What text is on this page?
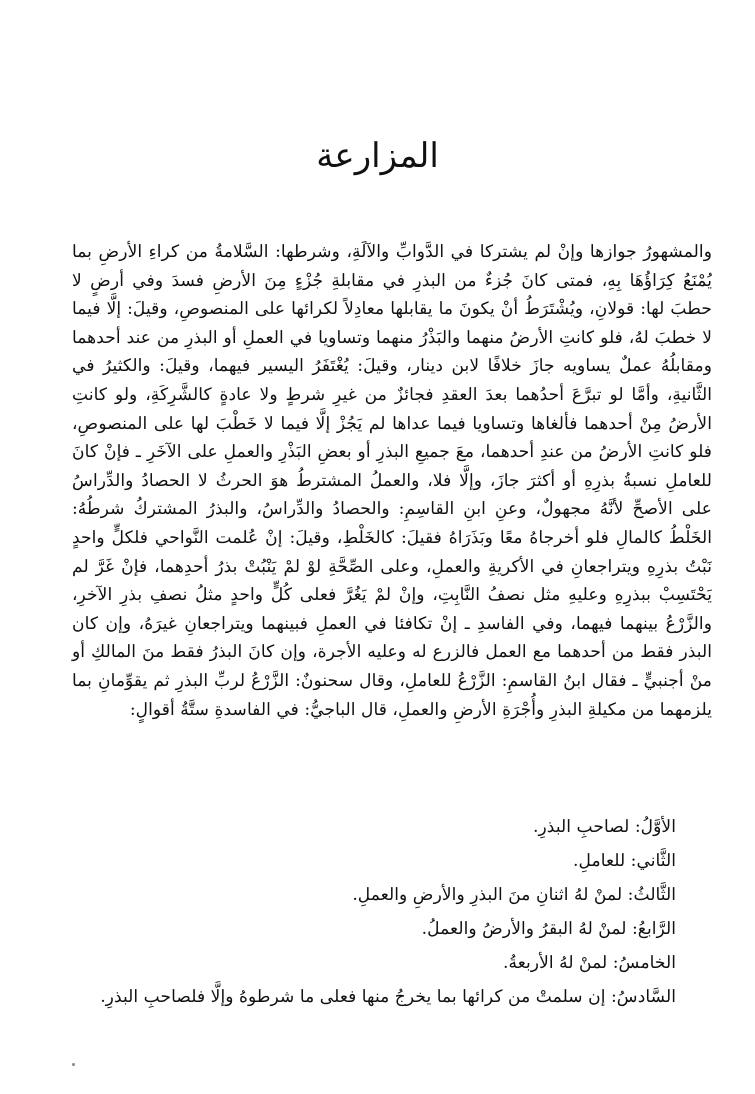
المزارعة

والمشهورُ جوازها وإنْ لم يشتركا في الدَّوابِّ والآلَةِ، وشرطها: السَّلامةُ من كراءِ الأرضِ بما يُمْنَعُ كِرَاؤُهَا بِهِ، فمتى كانَ جُزءٌ من البذرِ في مقابلةِ جُزْءٍ مِنَ الأرضِ فسدَ وفي أرضٍ لا حطبَ لها: قولانِ، ويُشْتَرَطُ أنْ يكونَ ما يقابلها معادِلاً لكرائها على المنصوصِ، وقيلَ: إلَّا فيما لا خطبَ لهُ، فلو كانتِ الأرضُ منهما والبَذْرُ منهما وتساويا في العملِ أو البذرِ من عند أحدهما ومقابلُهُ عملٌ يساويه جازَ خلافًا لابن دينار، وقيلَ: يُغْتَفَرُ اليسير فيهما، وقيلَ: والكثيرُ في الثَّانيةِ، وأمَّا لو تبرَّعَ أحدُهما بعدَ العقدِ فجائزٌ من غيرِ شرطٍ ولا عادةٍ كالشَّرِكَةِ، ولو كانتِ الأرضُ مِنْ أحدهما فألغاها وتساويا فيما عداها لم يَجُزْ إلَّا فيما لا خَطْبَ لها على المنصوصِ، فلو كانتِ الأرضُ من عندِ أحدهما، معَ جميعِ البذرِ أو بعضِ البَذْرِ والعملِ على الآخَرِ ـ فإنْ كانَ للعاملِ نسبةُ بذرِهِ أو أكثرَ جازَ، وإلَّا فلا، والعملُ المشترطُ هوَ الحرثُ لا الحصادُ والدِّراسُ على الأصحِّ لأنَّهُ مجهولٌ، وعنِ ابنِ القاسِمِ: والحصادُ والدِّراسُ، والبذرُ المشتركُ شرطُهُ: الخَلْطُ كالمالِ فلو أخرجاهُ معًا وبَذَرَاهُ فقيلَ: كالخَلْطِ، وقيلَ: إنْ عُلمت النَّواحي فلكلٍّ واحدٍ نَبْتُ بذرِهِ ويتراجعانِ في الأكريةِ والعملِ، وعلى الصِّحَّةِ لوْ لمْ يَنْبُتْ بذرُ أحدِهما، فإنْ غَرَّ لم يَحْتَسِبْ ببذرِهِ وعليهِ مثل نصفُ النَّابِتِ، وإنْ لمْ يَغُرَّ فعلى كُلٍّ واحدٍ مثلُ نصفِ بذرِ الآخرِ، والزَّرْعُ بينهما فيهما، وفي الفاسدِ ـ إنْ تكافئا في العملِ فبينهما ويتراجعانِ غيرَهُ، وإن كان البذر فقط من أحدهما مع العمل فالزرع له وعليه الأجرة، وإن كانَ البذرُ فقط منَ المالكِ أو منْ أجنبيٍّ ـ فقال ابنُ القاسمِ: الزَّرْعُ للعاملِ، وقال سحنونٌ: الزَّرْعُ لربِّ البذرِ ثم يقوِّمانِ بما يلزمهما من مكيلةِ البذرِ وأُجْرَةِ الأرضِ والعملِ، قال الباجيُّ: في الفاسدةِ ستَّةُ أقوالٍ:

الأوَّلُ: لصاحبِ البذرِ.
الثَّاني: للعاملِ.
الثَّالثُ: لمنْ لهُ اثنانِ منَ البذرِ والأرضِ والعملِ.
الرَّابعُ: لمنْ لهُ البقرُ والأرضُ والعملُ.
الخامسُ: لمنْ لهُ الأربعةُ.
السَّادسُ: إن سلمتْ من كرائها بما يخرجُ منها فعلى ما شرطوهُ وإلَّا فلصاحبِ البذرِ.
